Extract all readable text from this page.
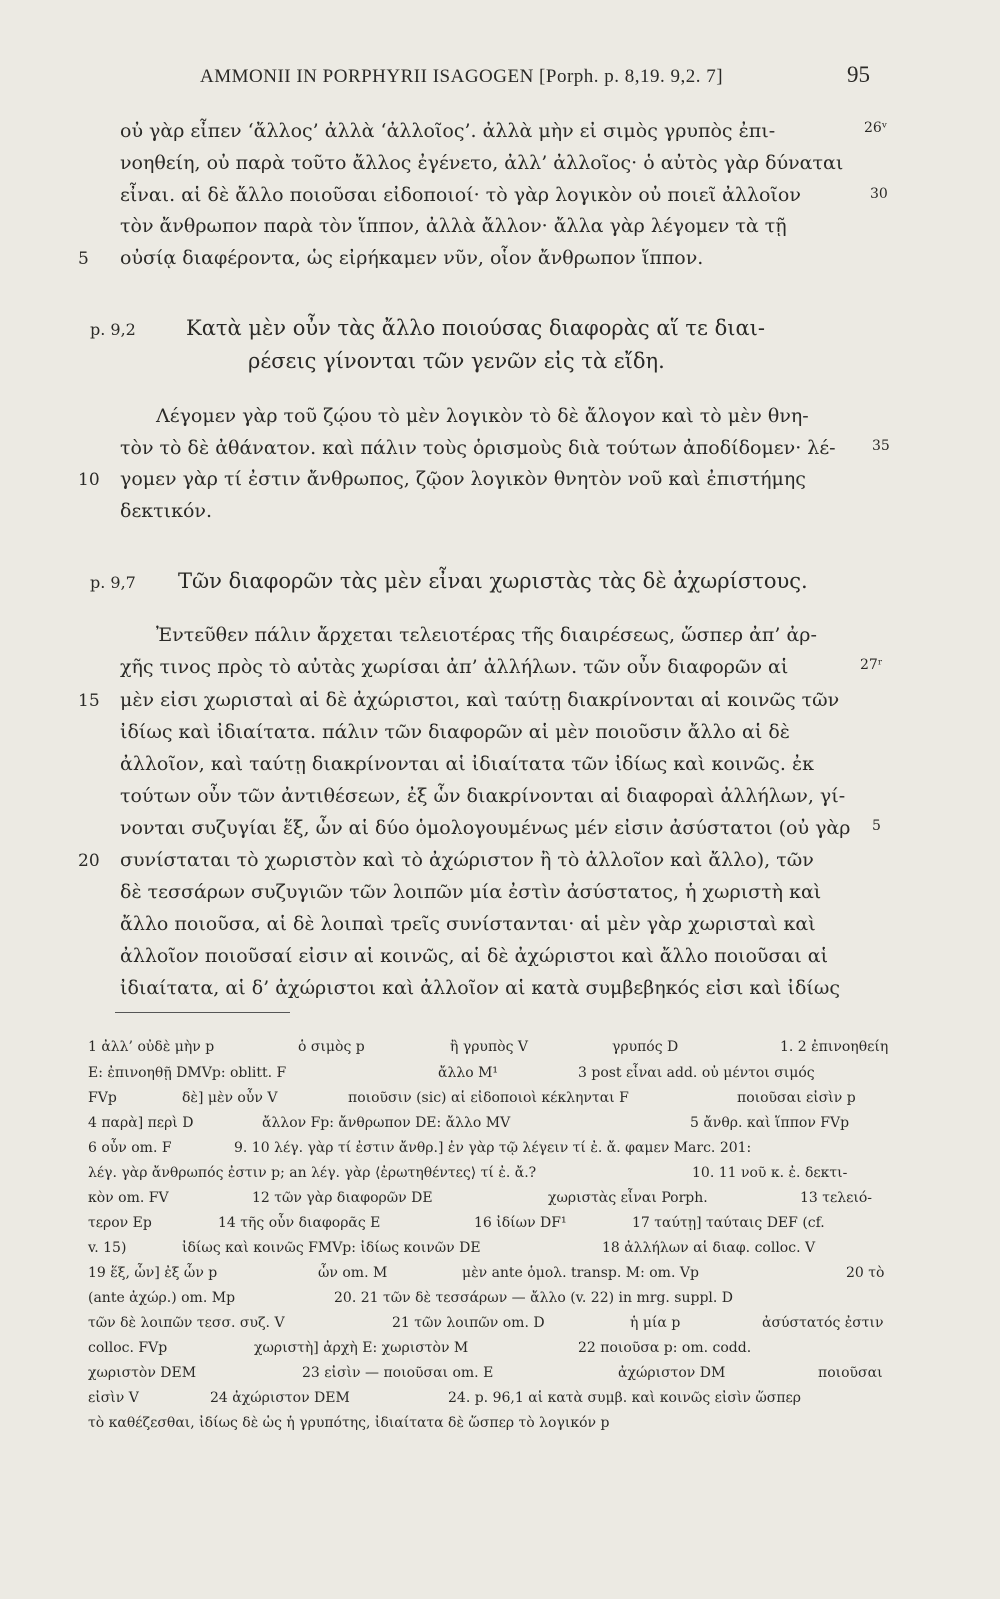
AMMONII IN PORPHYRII ISAGOGEN [Porph. p. 8,19. 9,2. 7]	95
οὐ γὰρ εἶπεν ‘ἄλλος’ ἀλλὰ ‘ἀλλοῖος’. ἀλλὰ μὴν εἰ σιμὸς γρυπὸς ἐπι-
νοηθείη, οὐ παρὰ τοῦτο ἄλλος ἐγένετο, ἀλλ’ ἀλλοῖος· ὁ αὐτὸς γὰρ δύναται
εἶναι. αἱ δὲ ἄλλο ποιοῦσαι εἰδοποιοί· τὸ γὰρ λογικὸν οὐ ποιεῖ ἀλλοῖον
τὸν ἄνθρωπον παρὰ τὸν ἵππον, ἀλλὰ ἄλλον· ἄλλα γὰρ λέγομεν τὰ τῇ
οὐσίᾳ διαφέροντα, ὡς εἰρήκαμεν νῦν, οἷον ἄνθρωπον ἵππον.
Κατὰ μὲν οὖν τὰς ἄλλο ποιούσας διαφορὰς αἵ τε διαι-
ρέσεις γίνονται τῶν γενῶν εἰς τὰ εἴδη.
Λέγομεν γὰρ τοῦ ζῴου τὸ μὲν λογικὸν τὸ δὲ ἄλογον καὶ τὸ μὲν θνη-
τὸν τὸ δὲ ἀθάνατον. καὶ πάλιν τοὺς ὁρισμοὺς διὰ τούτων ἀποδίδομεν· λέ-
γομεν γὰρ τί ἐστιν ἄνθρωπος, ζῷον λογικὸν θνητὸν νοῦ καὶ ἐπιστήμης
δεκτικόν.
Τῶν διαφορῶν τὰς μὲν εἶναι χωριστὰς τὰς δὲ ἀχωρίστους.
Ἐντεῦθεν πάλιν ἄρχεται τελειοτέρας τῆς διαιρέσεως, ὥσπερ ἀπ’ ἀρ-
χῆς τινος πρὸς τὸ αὐτὰς χωρίσαι ἀπ’ ἀλλήλων. τῶν οὖν διαφορῶν αἱ
μὲν εἰσι χωρισταὶ αἱ δὲ ἀχώριστοι, καὶ ταύτῃ διακρίνονται αἱ κοινῶς τῶν
ἰδίως καὶ ἰδιαίτατα. πάλιν τῶν διαφορῶν αἱ μὲν ποιοῦσιν ἄλλο αἱ δὲ
ἀλλοῖον, καὶ ταύτῃ διακρίνονται αἱ ἰδιαίτατα τῶν ἰδίως καὶ κοινῶς. ἐκ
τούτων οὖν τῶν ἀντιθέσεων, ἐξ ὧν διακρίνονται αἱ διαφοραὶ ἀλλήλων, γί-
νονται συζυγίαι ἕξ, ὧν αἱ δύο ὁμολογουμένως μέν εἰσιν ἀσύστατοι (οὐ γὰρ
συνίσταται τὸ χωριστὸν καὶ τὸ ἀχώριστον ἢ τὸ ἀλλοῖον καὶ ἄλλο), τῶν
δὲ τεσσάρων συζυγιῶν τῶν λοιπῶν μία ἐστὶν ἀσύστατος, ἡ χωριστὴ καὶ
ἄλλο ποιοῦσα, αἱ δὲ λοιπαὶ τρεῖς συνίστανται· αἱ μὲν γὰρ χωρισταὶ καὶ
ἀλλοῖον ποιοῦσαί εἰσιν αἱ κοινῶς, αἱ δὲ ἀχώριστοι καὶ ἄλλο ποιοῦσαι αἱ
ἰδιαίτατα, αἱ δ’ ἀχώριστοι καὶ ἀλλοῖον αἱ κατὰ συμβεβηκός εἰσι καὶ ἰδίως
5
10
15
20
26ᵛ
30
35
27ʳ
5
p. 9,2
p. 9,7
1 ἀλλ’ οὐδὲ μὴν p	ὁ σιμὸς p	ἢ γρυπὸς V	γρυπός D	1. 2 ἐπινοηθείη
E: ἐπινοηθῇ DMVp: oblitt. F	ἄλλο M¹	3 post εἶναι add. οὐ μέντοι σιμός
FVp	δὲ] μὲν οὖν V	ποιοῦσιν (sic) αἱ εἰδοποιοὶ κέκληνται F	ποιοῦσαι εἰσὶν p
4 παρὰ] περὶ D	ἄλλον Fp: ἄνθρωπον DE: ἄλλο MV	5 ἄνθρ. καὶ ἵππον FVp
6 οὖν om. F	9. 10 λέγ. γὰρ τί ἐστιν ἄνθρ.] ἐν γὰρ τῷ λέγειν τί ἐ. ἄ. φαμεν Marc. 201:
λέγ. γὰρ ἄνθρωπός ἐστιν p; an λέγ. γὰρ ⟨ἐρωτηθέντες⟩ τί ἐ. ἄ.?	10. 11 νοῦ κ. ἐ. δεκτι-
κὸν om. FV	12 τῶν γὰρ διαφορῶν DE	χωριστὰς εἶναι Porph.	13 τελειό-
τερον Ep	14 τῆς οὖν διαφορᾶς E	16 ἰδίων DF¹	17 ταύτῃ] ταύταις DEF (cf.
v. 15)	ἰδίως καὶ κοινῶς FMVp: ἰδίως κοινῶν DE	18 ἀλλήλων αἱ διαφ. colloc. V
19 ἕξ, ὧν] ἐξ ὧν p	ὧν om. M	μὲν ante ὁμολ. transp. M: om. Vp	20 τὸ
(ante ἀχώρ.) om. Mp	20. 21 τῶν δὲ τεσσάρων — ἄλλο (v. 22) in mrg. suppl. D
τῶν δὲ λοιπῶν τεσσ. συζ. V	21 τῶν λοιπῶν om. D	ἡ μία p	ἀσύστατός ἐστιν
colloc. FVp	χωριστὴ] ἀρχὴ E: χωριστὸν M	22 ποιοῦσα p: om. codd.
χωριστὸν DEM	23 εἰσὶν — ποιοῦσαι om. E	ἀχώριστον DM	ποιοῦσαι
εἰσὶν V	24 ἀχώριστον DEM	24. p. 96,1 αἱ κατὰ συμβ. καὶ κοινῶς εἰσὶν ὥσπερ
τὸ καθέζεσθαι, ἰδίως δὲ ὡς ἡ γρυπότης, ἰδιαίτατα δὲ ὥσπερ τὸ λογικόν p
